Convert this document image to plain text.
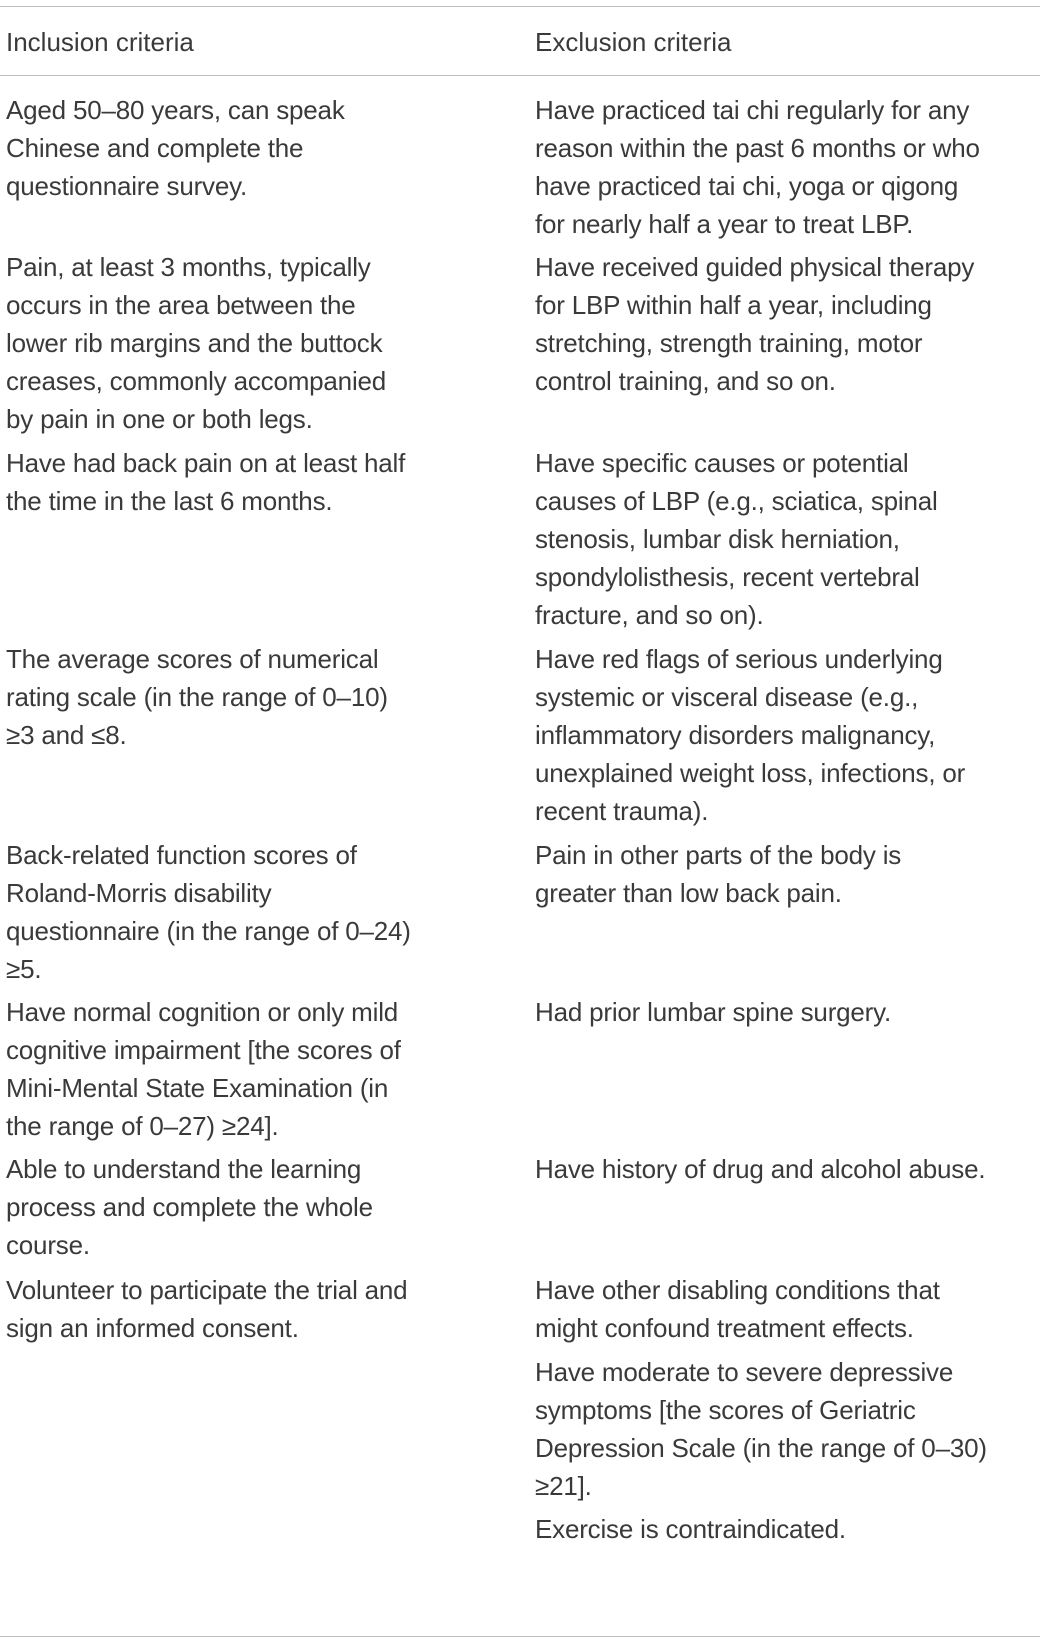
Inclusion criteria	Exclusion criteria
Aged 50–80 years, can speak
Chinese and complete the
questionnaire survey.
Pain, at least 3 months, typically
occurs in the area between the
lower rib margins and the buttock
creases, commonly accompanied
by pain in one or both legs.
Have had back pain on at least half
the time in the last 6 months.
The average scores of numerical
rating scale (in the range of 0–10)
≥3 and ≤8.
Back-related function scores of
Roland-Morris disability
questionnaire (in the range of 0–24)
≥5.
Have normal cognition or only mild
cognitive impairment [the scores of
Mini-Mental State Examination (in
the range of 0–27) ≥24].
Able to understand the learning
process and complete the whole
course.
Volunteer to participate the trial and
sign an informed consent.
Have practiced tai chi regularly for any
reason within the past 6 months or who
have practiced tai chi, yoga or qigong
for nearly half a year to treat LBP.
Have received guided physical therapy
for LBP within half a year, including
stretching, strength training, motor
control training, and so on.
Have specific causes or potential
causes of LBP (e.g., sciatica, spinal
stenosis, lumbar disk herniation,
spondylolisthesis, recent vertebral
fracture, and so on).
Have red flags of serious underlying
systemic or visceral disease (e.g.,
inflammatory disorders malignancy,
unexplained weight loss, infections, or
recent trauma).
Pain in other parts of the body is
greater than low back pain.
Had prior lumbar spine surgery.
Have history of drug and alcohol abuse.
Have other disabling conditions that
might confound treatment effects.
Have moderate to severe depressive
symptoms [the scores of Geriatric
Depression Scale (in the range of 0–30)
≥21].
Exercise is contraindicated.
